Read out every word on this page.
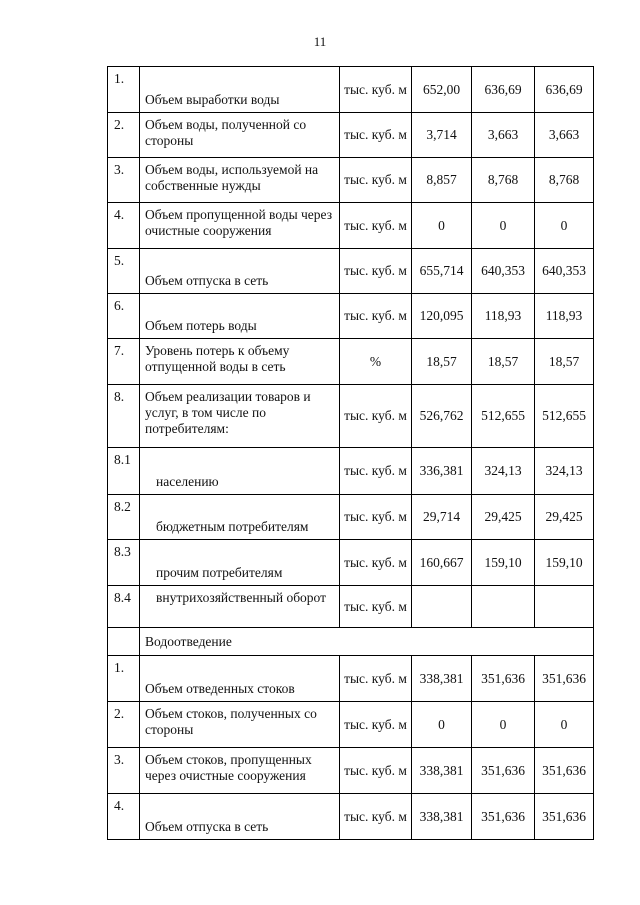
11
1.	Объем выработки воды	тыс. куб. м	652,00	636,69	636,69
2.	Объем воды, полученной со стороны	тыс. куб. м	3,714	3,663	3,663
3.	Объем воды, используемой на собственные нужды	тыс. куб. м	8,857	8,768	8,768
4.	Объем пропущенной воды через очистные сооружения	тыс. куб. м	0	0	0
5.	Объем отпуска в сеть	тыс. куб. м	655,714	640,353	640,353
6.	Объем потерь воды	тыс. куб. м	120,095	118,93	118,93
7.	Уровень потерь к объему отпущенной воды в сеть	%	18,57	18,57	18,57
8.	Объем реализации товаров и услуг, в том числе по потребителям:	тыс. куб. м	526,762	512,655	512,655
8.1	населению	тыс. куб. м	336,381	324,13	324,13
8.2	бюджетным потребителям	тыс. куб. м	29,714	29,425	29,425
8.3	прочим потребителям	тыс. куб. м	160,667	159,10	159,10
8.4	внутрихозяйственный оборот	тыс. куб. м			
	Водоотведение				
1.	Объем отведенных стоков	тыс. куб. м	338,381	351,636	351,636
2.	Объем стоков, полученных со стороны	тыс. куб. м	0	0	0
3.	Объем стоков, пропущенных через очистные сооружения	тыс. куб. м	338,381	351,636	351,636
4.	Объем отпуска в сеть	тыс. куб. м	338,381	351,636	351,636
